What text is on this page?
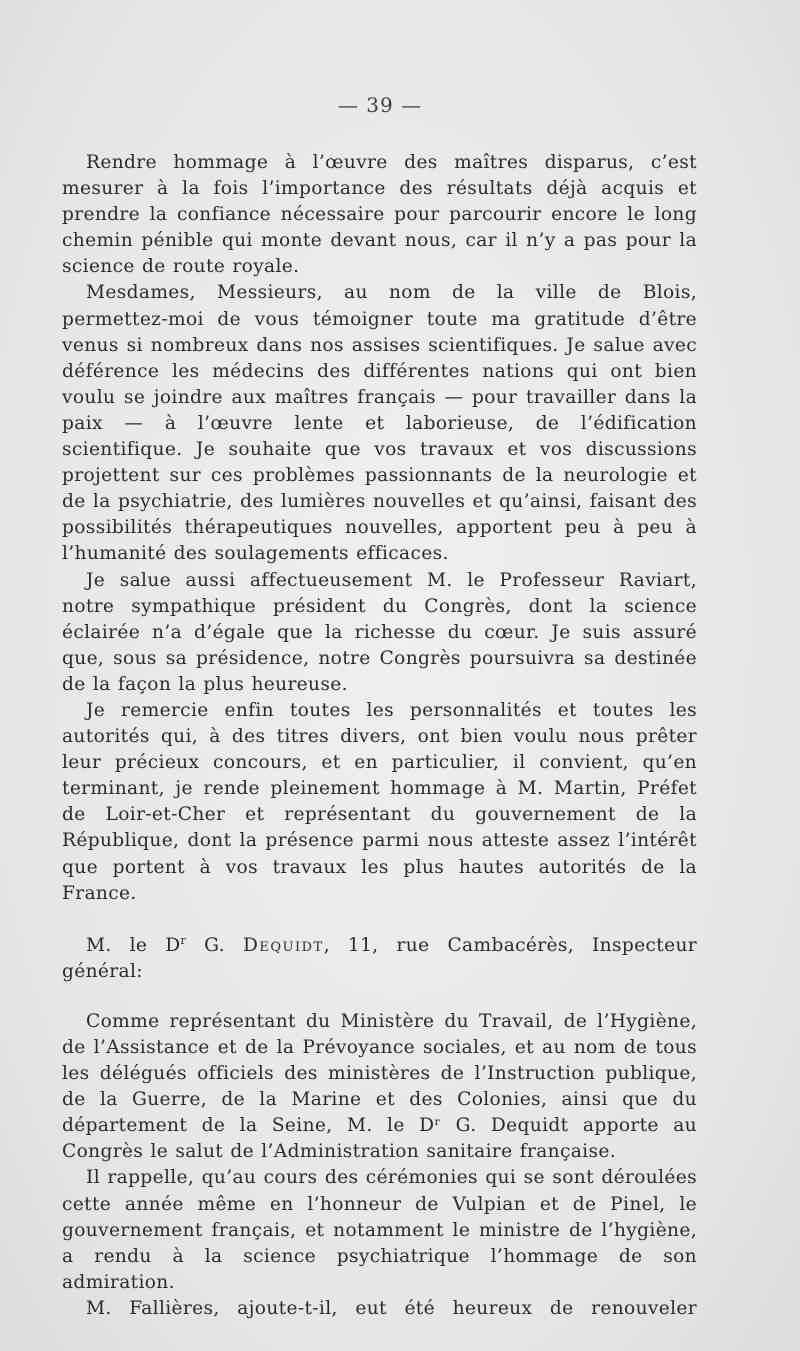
— 39 —

Rendre hommage à l’œuvre des maîtres disparus, c’est mesurer à la fois l’importance des résultats déjà acquis et prendre la confiance nécessaire pour parcourir encore le long chemin pénible qui monte devant nous, car il n’y a pas pour la science de route royale.

Mesdames, Messieurs, au nom de la ville de Blois, permettez-moi de vous témoigner toute ma gratitude d’être venus si nombreux dans nos assises scientifiques. Je salue avec déférence les médecins des différentes nations qui ont bien voulu se joindre aux maîtres français — pour travailler dans la paix — à l’œuvre lente et laborieuse, de l’édification scientifique. Je souhaite que vos travaux et vos discussions projettent sur ces problèmes passionnants de la neurologie et de la psychiatrie, des lumières nouvelles et qu’ainsi, faisant des possibilités thérapeutiques nouvelles, apportent peu à peu à l’humanité des soulagements efficaces.

Je salue aussi affectueusement M. le Professeur Raviart, notre sympathique président du Congrès, dont la science éclairée n’a d’égale que la richesse du cœur. Je suis assuré que, sous sa présidence, notre Congrès poursuivra sa destinée de la façon la plus heureuse.

Je remercie enfin toutes les personnalités et toutes les autorités qui, à des titres divers, ont bien voulu nous prêter leur précieux concours, et en particulier, il convient, qu’en terminant, je rende pleinement hommage à M. Martin, Préfet de Loir-et-Cher et représentant du gouvernement de la République, dont la présence parmi nous atteste assez l’intérêt que portent à vos travaux les plus hautes autorités de la France.

M. le $D^r$ G. Dequidt, 11, rue Cambacérès, Inspecteur général:

Comme représentant du Ministère du Travail, de l’Hygiène, de l’Assistance et de la Prévoyance sociales, et au nom de tous les délégués officiels des ministères de l’Instruction publique, de la Guerre, de la Marine et des Colonies, ainsi que du département de la Seine, M. le Dʳ G. Dequidt apporte au Congrès le salut de l’Administration sanitaire française.

Il rappelle, qu’au cours des cérémonies qui se sont déroulées cette année même en l’honneur de Vulpian et de Pinel, le gouvernement français, et notamment le ministre de l’hygiène, a rendu à la science psychiatrique l’hommage de son admiration.

M. Fallières, ajoute-t-il, eut été heureux de renouveler
